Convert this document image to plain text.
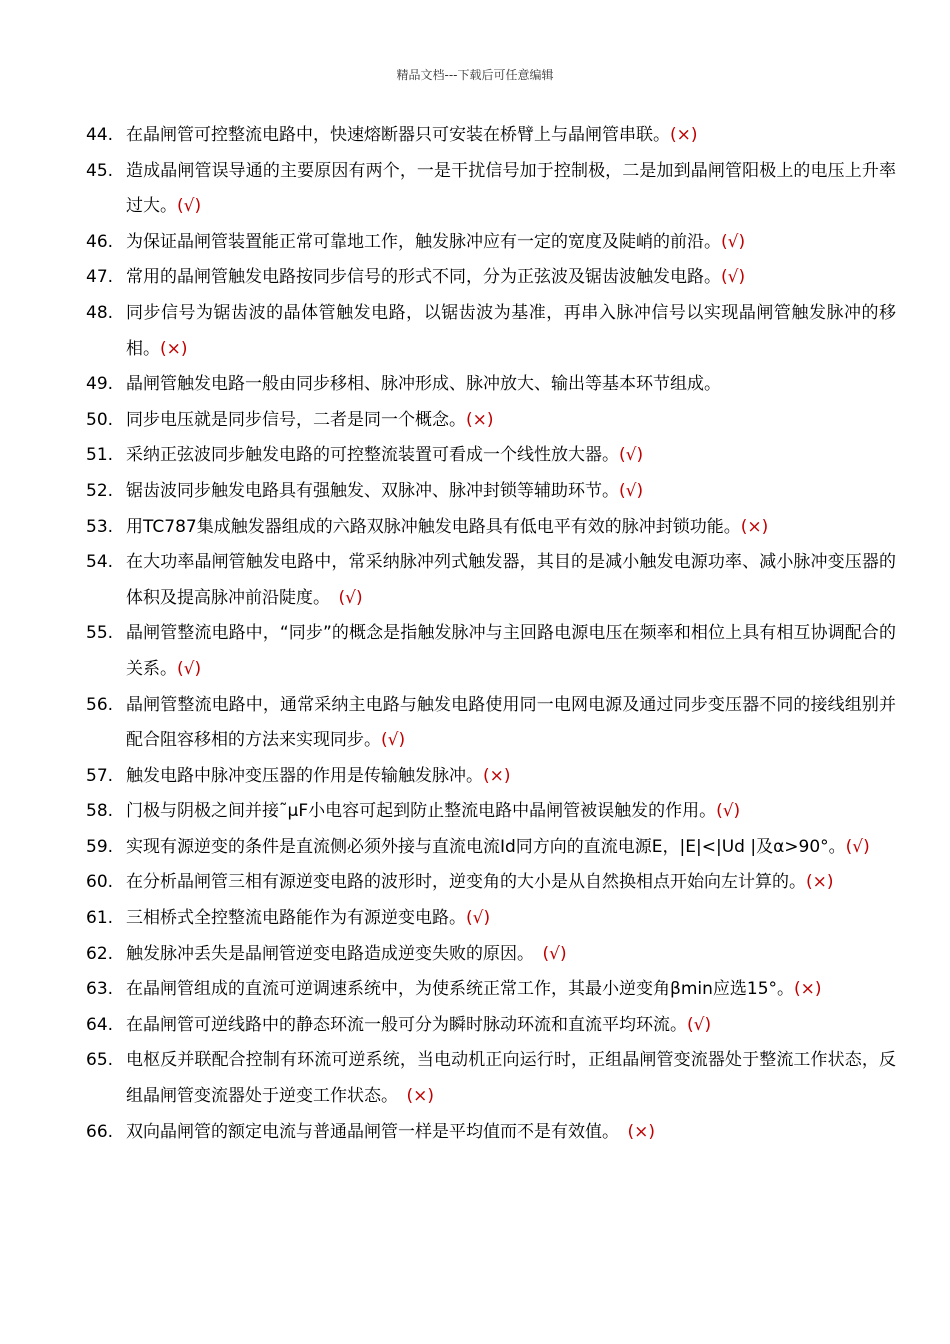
精品文档---下载后可任意编辑
44. 在晶闸管可控整流电路中，快速熔断器只可安装在桥臂上与晶闸管串联。(×)
45. 造成晶闸管误导通的主要原因有两个，一是干扰信号加于控制极，二是加到晶闸管阳极上的电压上升率过大。(√)
46. 为保证晶闸管装置能正常可靠地工作，触发脉冲应有一定的宽度及陡峭的前沿。(√)
47. 常用的晶闸管触发电路按同步信号的形式不同，分为正弦波及锯齿波触发电路。(√)
48. 同步信号为锯齿波的晶体管触发电路，以锯齿波为基准，再串入脉冲信号以实现晶闸管触发脉冲的移相。(×)
49. 晶闸管触发电路一般由同步移相、脉冲形成、脉冲放大、输出等基本环节组成。
50. 同步电压就是同步信号，二者是同一个概念。(×)
51. 采纳正弦波同步触发电路的可控整流装置可看成一个线性放大器。(√)
52. 锯齿波同步触发电路具有强触发、双脉冲、脉冲封锁等辅助环节。(√)
53. 用TC787集成触发器组成的六路双脉冲触发电路具有低电平有效的脉冲封锁功能。(×)
54. 在大功率晶闸管触发电路中，常采纳脉冲列式触发器，其目的是减小触发电源功率、减小脉冲变压器的体积及提高脉冲前沿陡度。　(√)
55. 晶闸管整流电路中，“同步”的概念是指触发脉冲与主回路电源电压在频率和相位上具有相互协调配合的关系。(√)
56. 晶闸管整流电路中，通常采纳主电路与触发电路使用同一电网电源及通过同步变压器不同的接线组别并配合阻容移相的方法来实现同步。(√)
57. 触发电路中脉冲变压器的作用是传输触发脉冲。(×)
58. 门极与阴极之间并接˜μF小电容可起到防止整流电路中晶闸管被误触发的作用。(√)
59. 实现有源逆变的条件是直流侧必须外接与直流电流Id同方向的直流电源E，|E|<|Ud |及α>90°。(√)
60. 在分析晶闸管三相有源逆变电路的波形时，逆变角的大小是从自然换相点开始向左计算的。(×)
61. 三相桥式全控整流电路能作为有源逆变电路。(√)
62. 触发脉冲丢失是晶闸管逆变电路造成逆变失败的原因。　(√)
63. 在晶闸管组成的直流可逆调速系统中，为使系统正常工作，其最小逆变角βmin应选15°。(×)
64. 在晶闸管可逆线路中的静态环流一般可分为瞬时脉动环流和直流平均环流。(√)
65. 电枢反并联配合控制有环流可逆系统，当电动机正向运行时，正组晶闸管变流器处于整流工作状态，反组晶闸管变流器处于逆变工作状态。　(×)
66. 双向晶闸管的额定电流与普通晶闸管一样是平均值而不是有效值。　(×)
